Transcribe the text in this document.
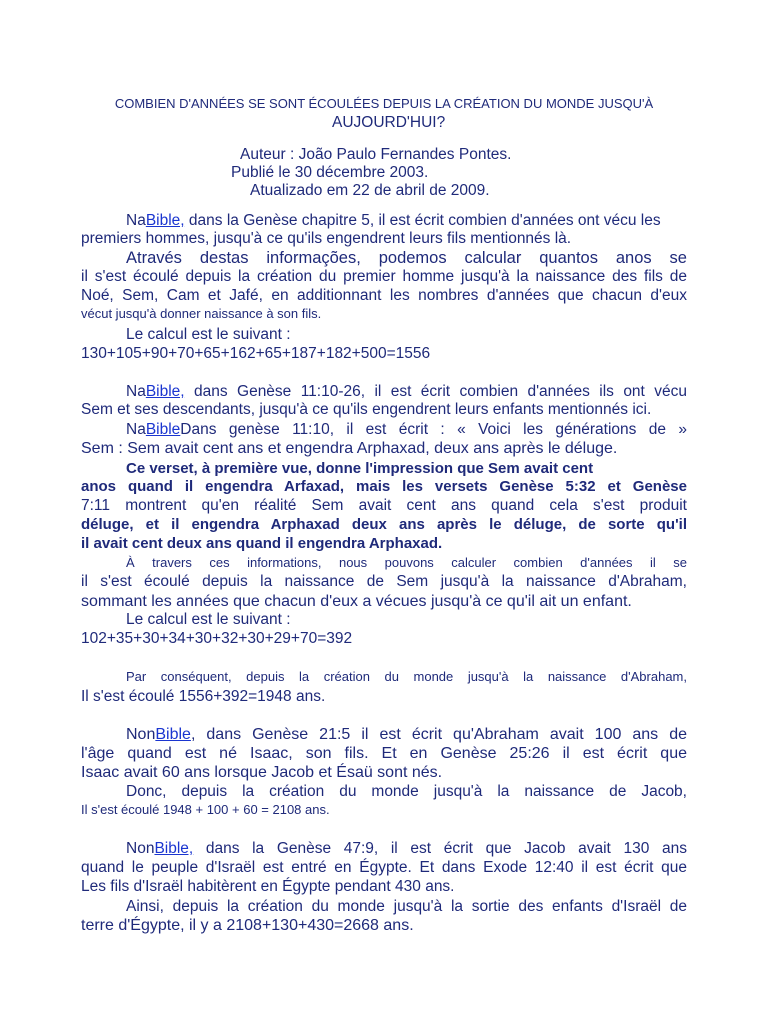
COMBIEN D'ANNÉES SE SONT ÉCOULÉES DEPUIS LA CRÉATION DU MONDE JUSQU'À
AUJOURD'HUI?
Auteur : João Paulo Fernandes Pontes.
Publié le 30 décembre 2003.
Atualizado em 22 de abril de 2009.
NaBible, dans la Genèse chapitre 5, il est écrit combien d'années ont vécu les
premiers hommes, jusqu'à ce qu'ils engendrent leurs fils mentionnés là.
Através destas informações, podemos calcular quantos anos se
il s'est écoulé depuis la création du premier homme jusqu'à la naissance des fils de
Noé, Sem, Cam et Jafé, en additionnant les nombres d'années que chacun d'eux
vécut jusqu'à donner naissance à son fils.
Le calcul est le suivant :
130+105+90+70+65+162+65+187+182+500=1556
NaBible, dans Genèse 11:10-26, il est écrit combien d'années ils ont vécu
Sem et ses descendants, jusqu'à ce qu'ils engendrent leurs enfants mentionnés ici.
NaBibleDans genèse 11:10, il est écrit : « Voici les générations de »
Sem : Sem avait cent ans et engendra Arphaxad, deux ans après le déluge.
Ce verset, à première vue, donne l'impression que Sem avait cent
anos quand il engendra Arfaxad, mais les versets Genèse 5:32 et Genèse
7:11 montrent qu'en réalité Sem avait cent ans quand cela s'est produit
déluge, et il engendra Arphaxad deux ans après le déluge, de sorte qu'il
il avait cent deux ans quand il engendra Arphaxad.
À travers ces informations, nous pouvons calculer combien d'années il se
il s'est écoulé depuis la naissance de Sem jusqu'à la naissance d'Abraham,
sommant les années que chacun d'eux a vécues jusqu'à ce qu'il ait un enfant.
Le calcul est le suivant :
102+35+30+34+30+32+30+29+70=392
Par conséquent, depuis la création du monde jusqu'à la naissance d'Abraham,
Il s'est écoulé 1556+392=1948 ans.
NonBible, dans Genèse 21:5 il est écrit qu'Abraham avait 100 ans de
l'âge quand est né Isaac, son fils. Et en Genèse 25:26 il est écrit que
Isaac avait 60 ans lorsque Jacob et Ésaü sont nés.
Donc, depuis la création du monde jusqu'à la naissance de Jacob,
Il s'est écoulé 1948 + 100 + 60 = 2108 ans.
NonBible, dans la Genèse 47:9, il est écrit que Jacob avait 130 ans
quand le peuple d'Israël est entré en Égypte. Et dans Exode 12:40 il est écrit que
Les fils d'Israël habitèrent en Égypte pendant 430 ans.
Ainsi, depuis la création du monde jusqu'à la sortie des enfants d'Israël de
terre d'Égypte, il y a 2108+130+430=2668 ans.
